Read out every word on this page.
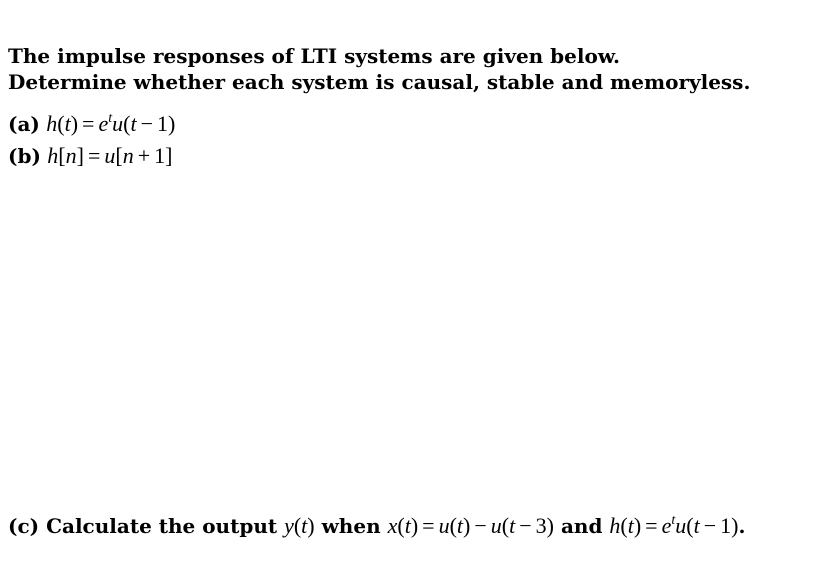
The impulse responses of LTI systems are given below.
Determine whether each system is causal, stable and memoryless.
(a) $h(t) = e^tu(t - 1)$
(b) h[n] = u[n + 1]
(c) Calculate the output y(t) when x(t) = u(t) − u(t − 3) and $h(t) = e^tu(t - 1)$.
